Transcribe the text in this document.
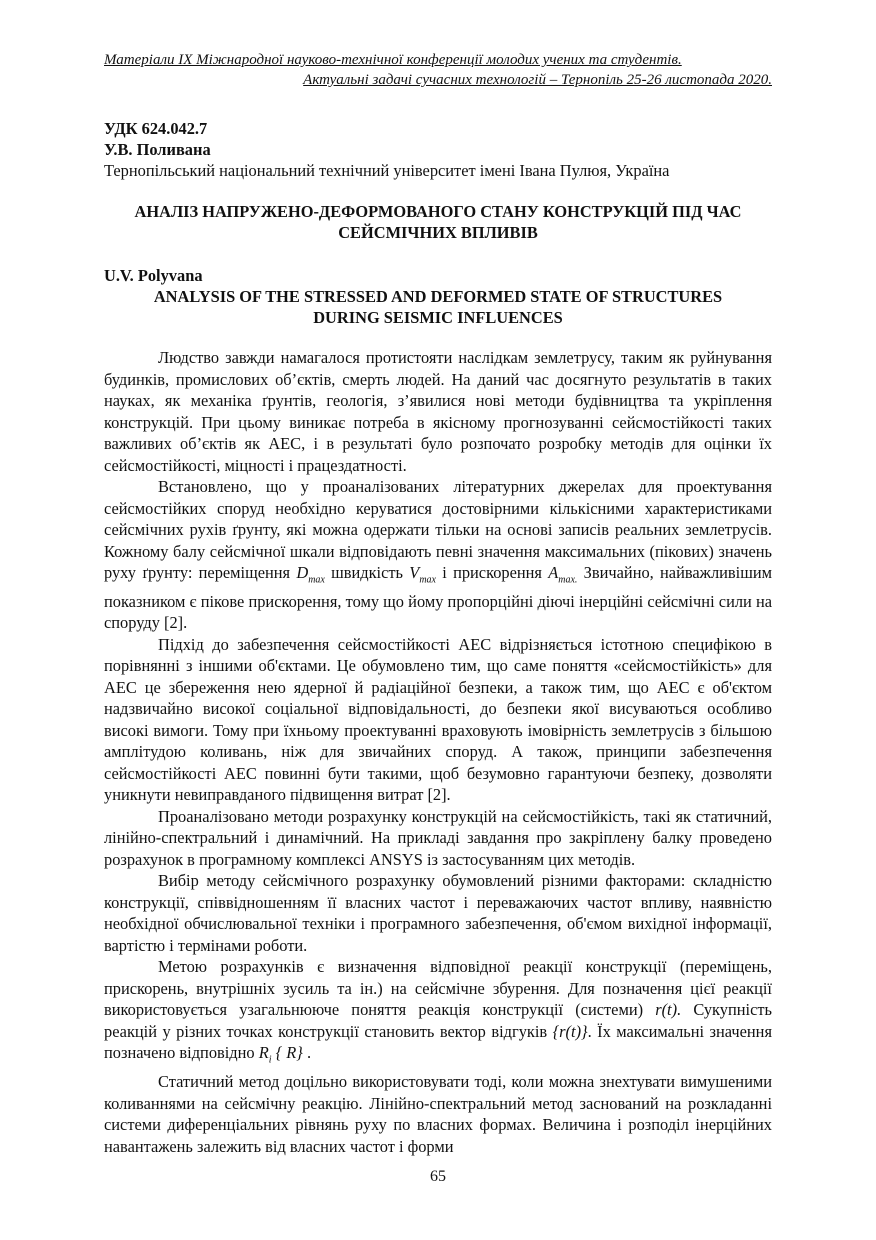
Матеріали IX Міжнародної науково-технічної конференції молодих учених та студентів.
Актуальні задачі сучасних технологій – Тернопіль 25-26 листопада 2020.
УДК 624.042.7
У.В. Поливана
Тернопільський національний технічний університет імені Івана Пулюя, Україна
АНАЛІЗ НАПРУЖЕНО-ДЕФОРМОВАНОГО СТАНУ КОНСТРУКЦІЙ ПІД ЧАС
СЕЙСМІЧНИХ ВПЛИВІВ
U.V. Polyvana
ANALYSIS OF THE STRESSED AND DEFORMED STATE OF STRUCTURES
DURING SEISMIC INFLUENCES

Людство завжди намагалося протистояти наслідкам землетрусу, таким як руйнування будинків, промислових об’єктів, смерть людей. На даний час досягнуто результатів в таких науках, як механіка ґрунтів, геологія, з’явилися нові методи будівництва та укріплення конструкцій. При цьому виникає потреба в якісному прогнозуванні сейсмостійкості таких важливих об’єктів як АЕС, і в результаті було розпочато розробку методів для оцінки їх сейсмостійкості, міцності і працездатності.

Встановлено, що у проаналізованих літературних джерелах для проектування сейсмостійких споруд необхідно керуватися достовірними кількісними характеристиками сейсмічних рухів ґрунту, які можна одержати тільки на основі записів реальних землетрусів. Кожному балу сейсмічної шкали відповідають певні значення максимальних (пікових) значень руху ґрунту: переміщення $D_{max}$ швидкість $V_{max}$ і прискорення $A_{max.}$ Звичайно, найважливішим показником є пікове прискорення, тому що йому пропорційні діючі інерційні сейсмічні сили на споруду [2].

Підхід до забезпечення сейсмостійкості АЕС відрізняється істотною специфікою в порівнянні з іншими об'єктами. Це обумовлено тим, що саме поняття «сейсмостійкість» для АЕС це збереження нею ядерної й радіаційної безпеки, а також тим, що АЕС є об'єктом надзвичайно високої соціальної відповідальності, до безпеки якої висуваються особливо високі вимоги. Тому при їхньому проектуванні враховують імовірність землетрусів з більшою амплітудою коливань, ніж для звичайних споруд. А також, принципи забезпечення сейсмостійкості АЕС повинні бути такими, щоб безумовно гарантуючи безпеку, дозволяти уникнути невиправданого підвищення витрат [2].

Проаналізовано методи розрахунку конструкцій на сейсмостійкість, такі як статичний, лінійно-спектральний і динамічний. На прикладі завдання про закріплену балку проведено розрахунок в програмному комплексі ANSYS із застосуванням цих методів.

Вибір методу сейсмічного розрахунку обумовлений різними факторами: складністю конструкції, співвідношенням її власних частот і переважаючих частот впливу, наявністю необхідної обчислювальної техніки і програмного забезпечення, об'ємом вихідної інформації, вартістю і термінами роботи.

Метою розрахунків є визначення відповідної реакції конструкції (переміщень, прискорень, внутрішніх зусиль та ін.) на сейсмічне збурення. Для позначення цієї реакції використовується узагальнююче поняття реакція конструкції (системи) r(t). Сукупність реакцій у різних точках конструкції становить вектор відгуків {r(t)}. Їх максимальні значення позначено відповідно $R_i$ { R} .

Статичний метод доцільно використовувати тоді, коли можна знехтувати вимушеними коливаннями на сейсмічну реакцію. Лінійно-спектральний метод заснований на розкладанні системи диференціальних рівнянь руху по власних формах. Величина і розподіл інерційних навантажень залежить від власних частот і форми

65
